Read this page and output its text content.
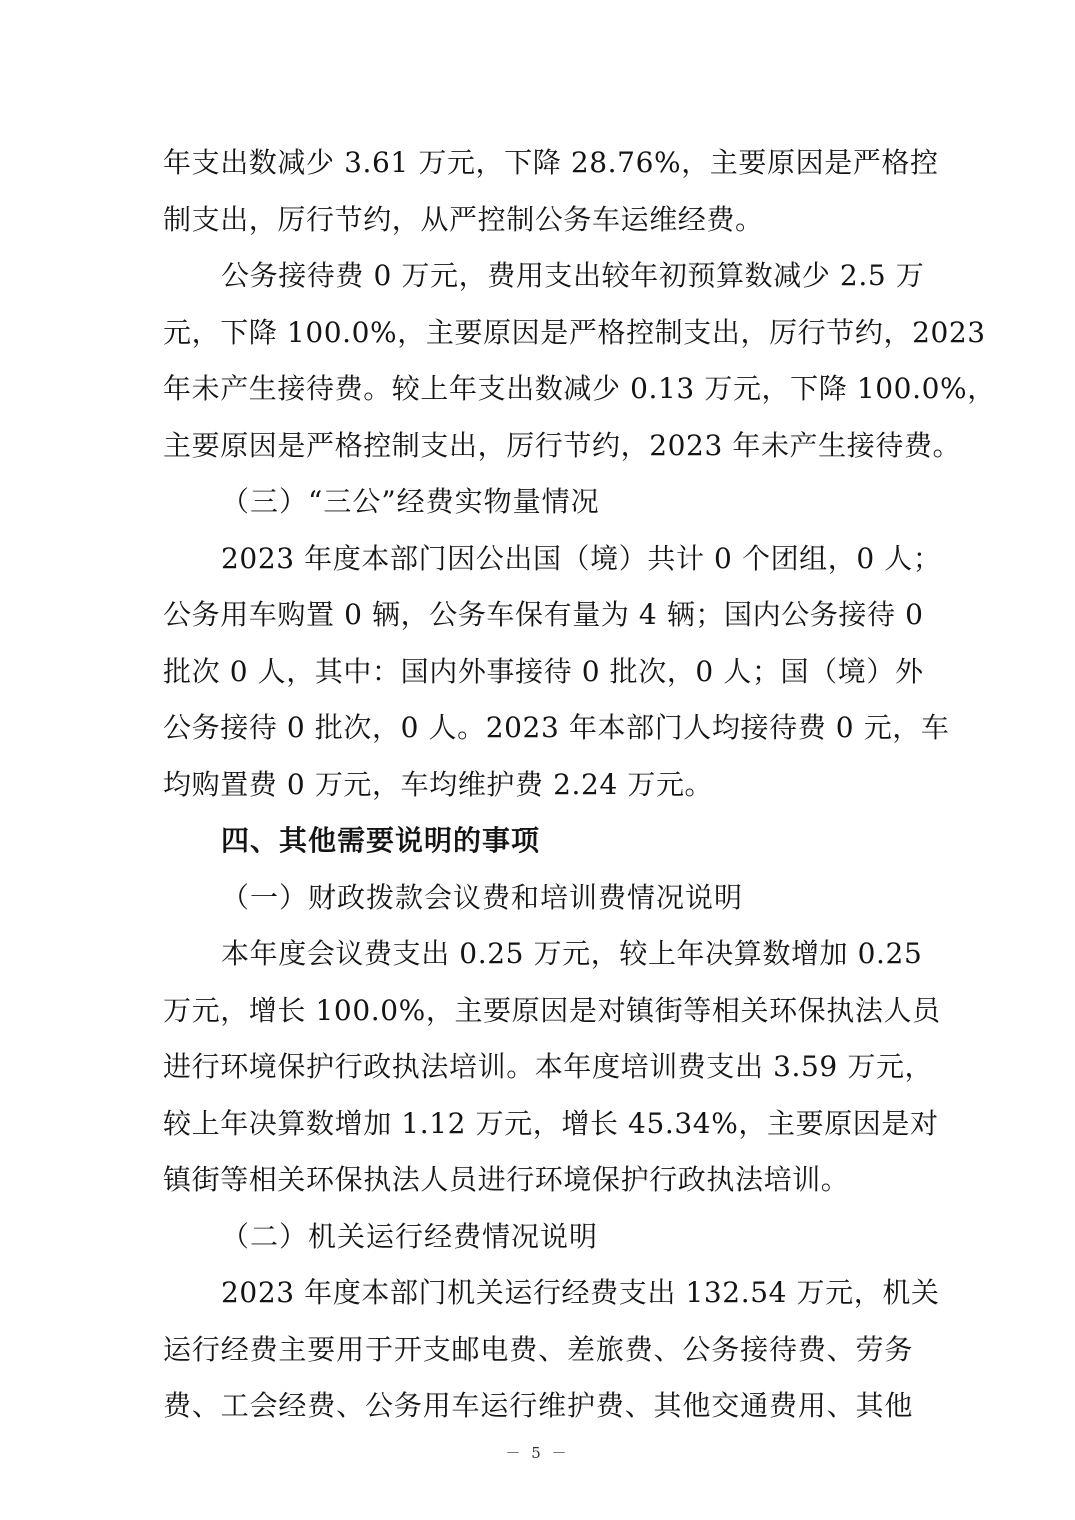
年支出数减少 3.61 万元，下降 28.76%，主要原因是严格控

制支出，厉行节约，从严控制公务车运维经费。

公务接待费 0 万元，费用支出较年初预算数减少 2.5 万

元，下降 100.0%，主要原因是严格控制支出，厉行节约，2023

年未产生接待费。较上年支出数减少 0.13 万元，下降 100.0%，

主要原因是严格控制支出，厉行节约，2023 年未产生接待费。

（三）“三公”经费实物量情况

2023 年度本部门因公出国（境）共计 0 个团组，0 人；

公务用车购置 0 辆，公务车保有量为 4 辆；国内公务接待 0

批次 0 人，其中：国内外事接待 0 批次，0 人；国（境）外

公务接待 0 批次，0 人。2023 年本部门人均接待费 0 元，车

均购置费 0 万元，车均维护费 2.24 万元。

四、其他需要说明的事项

（一）财政拨款会议费和培训费情况说明

本年度会议费支出 0.25 万元，较上年决算数增加 0.25

万元，增长 100.0%，主要原因是对镇街等相关环保执法人员

进行环境保护行政执法培训。本年度培训费支出 3.59 万元，

较上年决算数增加 1.12 万元，增长 45.34%，主要原因是对

镇街等相关环保执法人员进行环境保护行政执法培训。

（二）机关运行经费情况说明

2023 年度本部门机关运行经费支出 132.54 万元，机关

运行经费主要用于开支邮电费、差旅费、公务接待费、劳务

费、工会经费、公务用车运行维护费、其他交通费用、其他

－ 5 －
